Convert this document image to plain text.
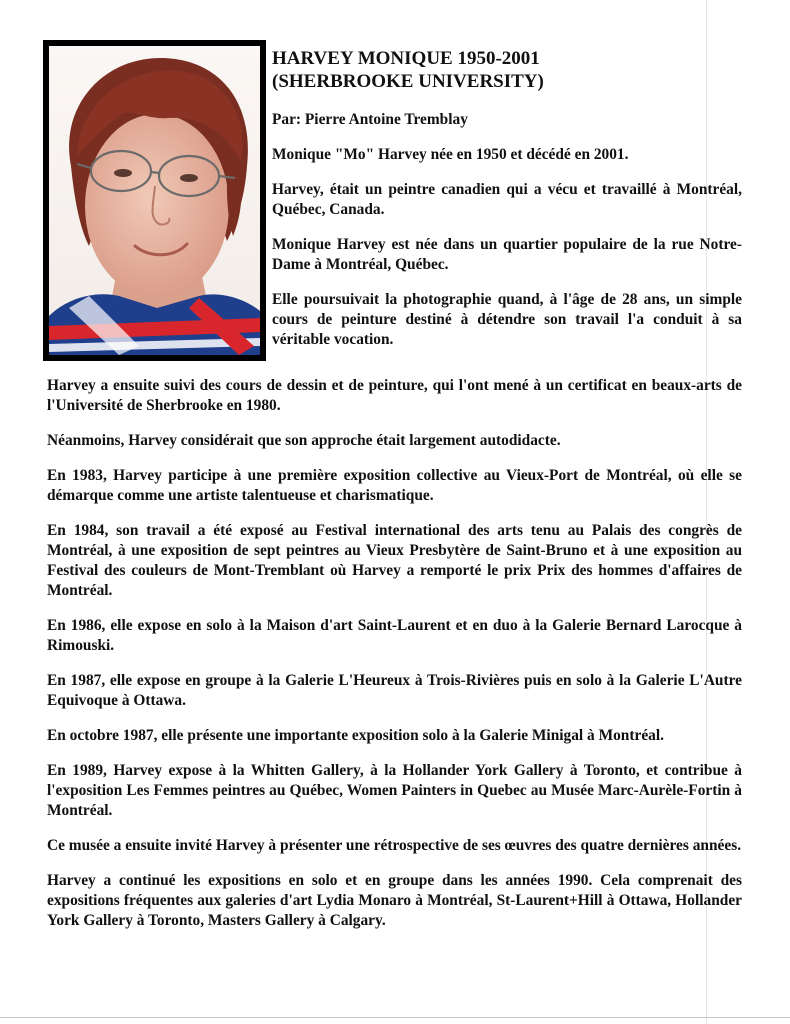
HARVEY MONIQUE 1950-2001
(SHERBROOKE UNIVERSITY)

Par: Pierre Antoine Tremblay

Monique "Mo" Harvey née en 1950 et décédé en 2001.

Harvey, était un peintre canadien qui a vécu et travaillé à Montréal, Québec, Canada.

Monique Harvey est née dans un quartier populaire de la rue Notre-Dame à Montréal, Québec.

Elle poursuivait la photographie quand, à l'âge de 28 ans, un simple cours de peinture destiné à détendre son travail l'a conduit à sa véritable vocation.

Harvey a ensuite suivi des cours de dessin et de peinture, qui l'ont mené à un certificat en beaux-arts de l'Université de Sherbrooke en 1980.

Néanmoins, Harvey considérait que son approche était largement autodidacte.

En 1983, Harvey participe à une première exposition collective au Vieux-Port de Montréal, où elle se démarque comme une artiste talentueuse et charismatique.

En 1984, son travail a été exposé au Festival international des arts tenu au Palais des congrès de Montréal, à une exposition de sept peintres au Vieux Presbytère de Saint-Bruno et à une exposition au Festival des couleurs de Mont-Tremblant où Harvey a remporté le prix Prix des hommes d'affaires de Montréal.

En 1986, elle expose en solo à la Maison d'art Saint-Laurent et en duo à la Galerie Bernard Larocque à Rimouski.

En 1987, elle expose en groupe à la Galerie L'Heureux à Trois-Rivières puis en solo à la Galerie L'Autre Equivoque à Ottawa.

En octobre 1987, elle présente une importante exposition solo à la Galerie Minigal à Montréal.

En 1989, Harvey expose à la Whitten Gallery, à la Hollander York Gallery à Toronto, et contribue à l'exposition Les Femmes peintres au Québec, Women Painters in Quebec au Musée Marc-Aurèle-Fortin à Montréal.

Ce musée a ensuite invité Harvey à présenter une rétrospective de ses œuvres des quatre dernières années.

Harvey a continué les expositions en solo et en groupe dans les années 1990. Cela comprenait des expositions fréquentes aux galeries d'art Lydia Monaro à Montréal, St-Laurent+Hill à Ottawa, Hollander York Gallery à Toronto, Masters Gallery à Calgary.
